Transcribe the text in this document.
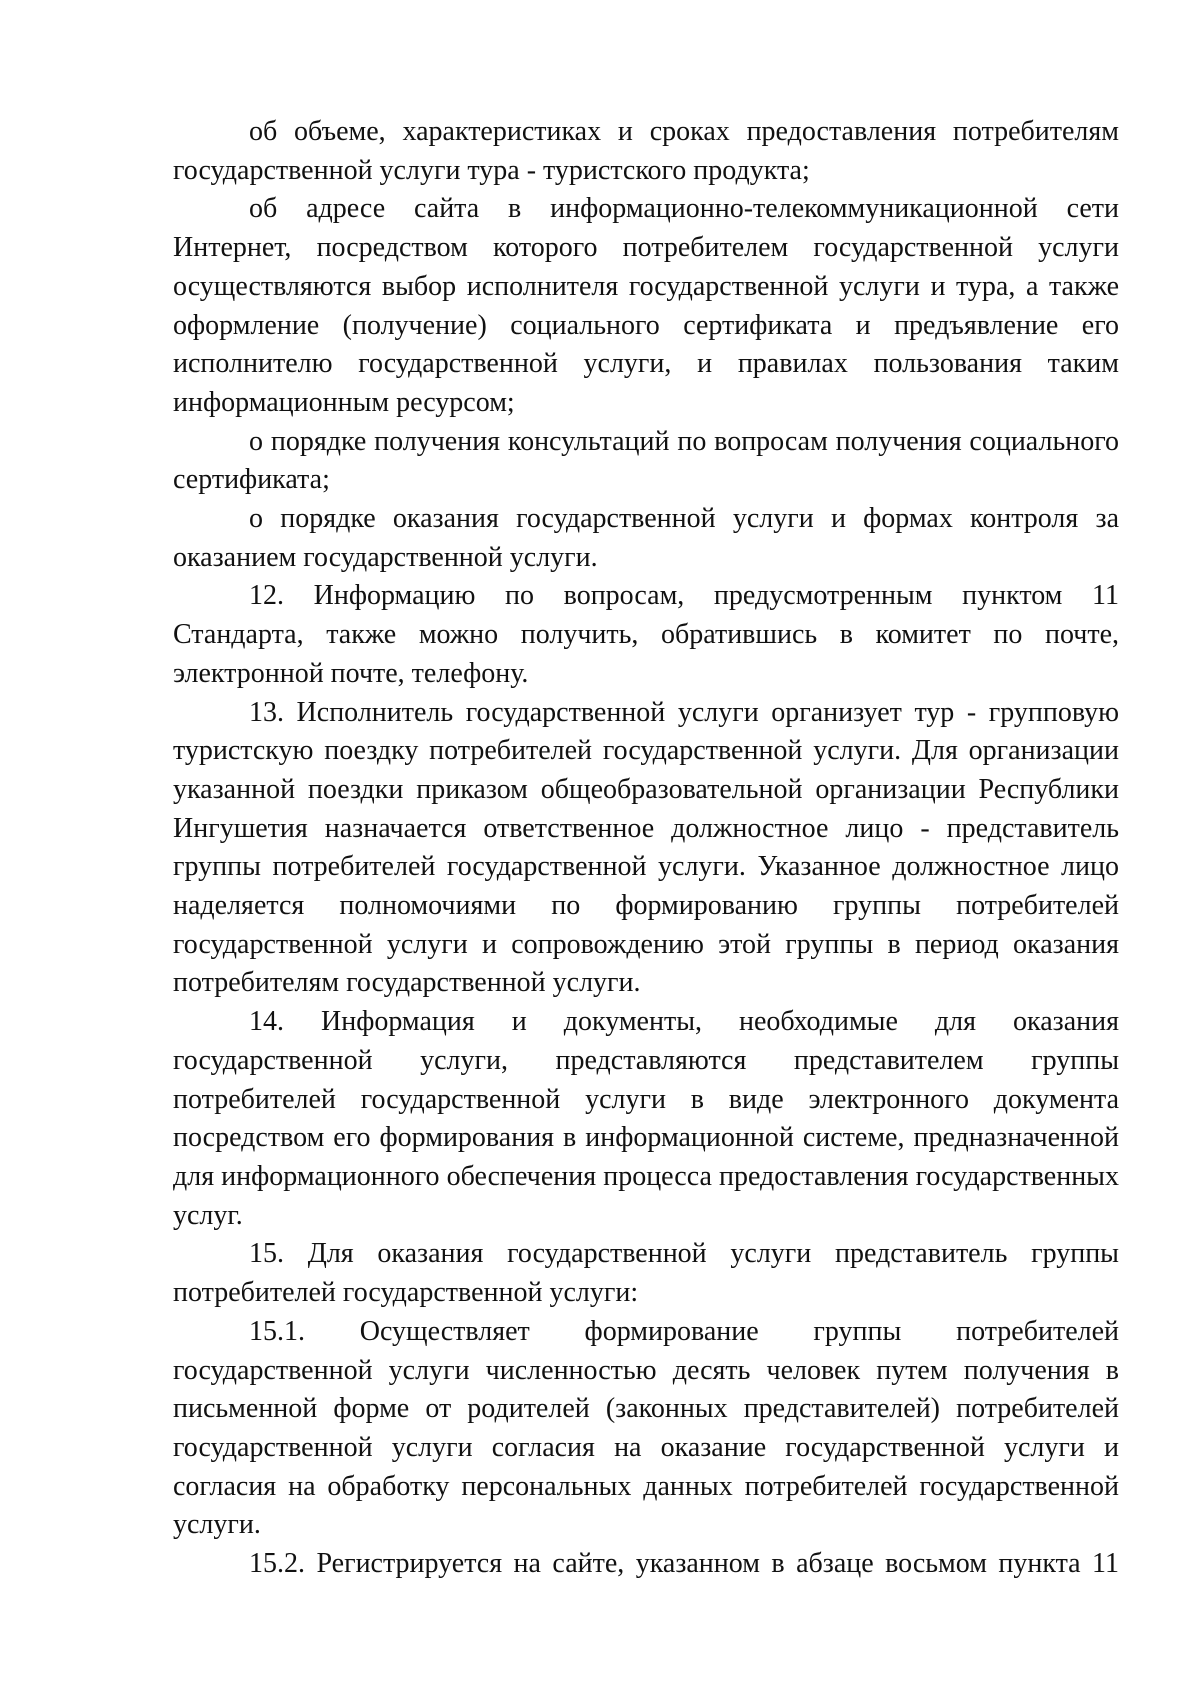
об объеме, характеристиках и сроках предоставления потребителям государственной услуги тура - туристского продукта;

об адресе сайта в информационно-телекоммуникационной сети Интернет, посредством которого потребителем государственной услуги осуществляются выбор исполнителя государственной услуги и тура, а также оформление (получение) социального сертификата и предъявление его исполнителю государственной услуги, и правилах пользования таким информационным ресурсом;

о порядке получения консультаций по вопросам получения социального сертификата;

о порядке оказания государственной услуги и формах контроля за оказанием государственной услуги.

12. Информацию по вопросам, предусмотренным пунктом 11 Стандарта, также можно получить, обратившись в комитет по почте, электронной почте, телефону.

13. Исполнитель государственной услуги организует тур - групповую туристскую поездку потребителей государственной услуги. Для организации указанной поездки приказом общеобразовательной организации Республики Ингушетия назначается ответственное должностное лицо - представитель группы потребителей государственной услуги. Указанное должностное лицо наделяется полномочиями по формированию группы потребителей государственной услуги и сопровождению этой группы в период оказания потребителям государственной услуги.

14. Информация и документы, необходимые для оказания государственной услуги, представляются представителем группы потребителей государственной услуги в виде электронного документа посредством его формирования в информационной системе, предназначенной для информационного обеспечения процесса предоставления государственных услуг.

15. Для оказания государственной услуги представитель группы потребителей государственной услуги:

15.1. Осуществляет формирование группы потребителей государственной услуги численностью десять человек путем получения в письменной форме от родителей (законных представителей) потребителей государственной услуги согласия на оказание государственной услуги и согласия на обработку персональных данных потребителей государственной услуги.

15.2. Регистрируется на сайте, указанном в абзаце восьмом пункта 11
